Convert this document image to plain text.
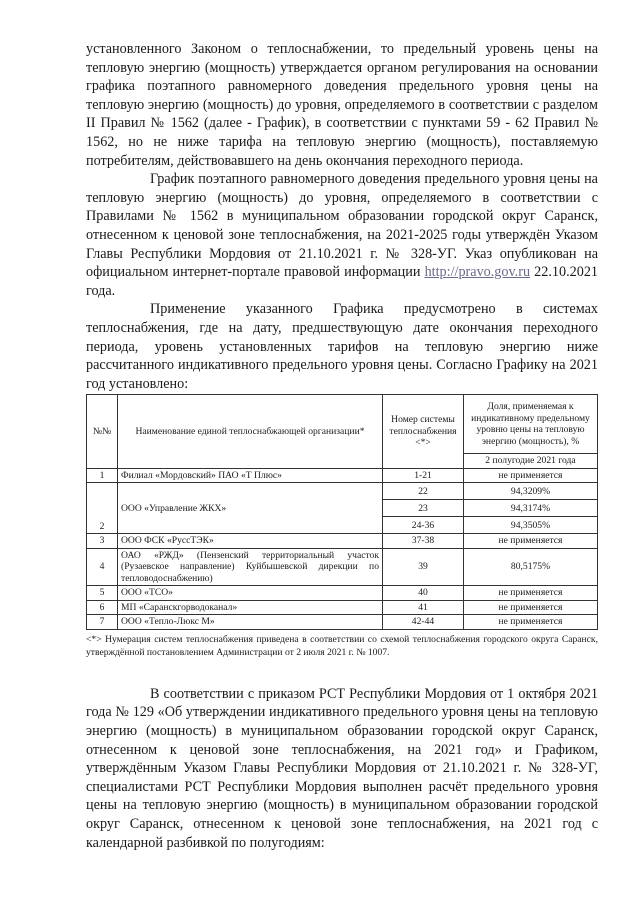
установленного Законом о теплоснабжении, то предельный уровень цены на тепловую энергию (мощность) утверждается органом регулирования на основании графика поэтапного равномерного доведения предельного уровня цены на тепловую энергию (мощность) до уровня, определяемого в соответствии с разделом II Правил № 1562 (далее - График), в соответствии с пунктами 59 - 62 Правил № 1562, но не ниже тарифа на тепловую энергию (мощность), поставляемую потребителям, действовавшего на день окончания переходного периода.

График поэтапного равномерного доведения предельного уровня цены на тепловую энергию (мощность) до уровня, определяемого в соответствии с Правилами № 1562 в муниципальном образовании городской округ Саранск, отнесенном к ценовой зоне теплоснабжения, на 2021-2025 годы утверждён Указом Главы Республики Мордовия от 21.10.2021 г. № 328-УГ. Указ опубликован на официальном интернет-портале правовой информации http://pravo.gov.ru 22.10.2021 года.

Применение указанного Графика предусмотрено в системах теплоснабжения, где на дату, предшествующую дате окончания переходного периода, уровень установленных тарифов на тепловую энергию ниже рассчитанного индикативного предельного уровня цены. Согласно Графику на 2021 год установлено:

№№	Наименование единой теплоснабжающей организации*	Номер системы теплоснабжения <*>	Доля, применяемая к индикативному предельному уровню цены на тепловую энергию (мощность), %
			2 полугодие 2021 года
1	Филиал «Мордовский» ПАО «Т Плюс»	1-21	не применяется
2	ООО «Управление ЖКХ»	22	94,3209%
		23	94,3174%
		24-36	94,3505%
3	ООО ФСК «РуссТЭК»	37-38	не применяется
4	ОАО «РЖД» (Пензенский территориальный участок (Рузаевское направление) Куйбышевской дирекции по тепловодоснабжению)	39	80,5175%
5	ООО «ТСО»	40	не применяется
6	МП «Саранскгорводоканал»	41	не применяется
7	ООО «Тепло-Люкс М»	42-44	не применяется
<*> Нумерация систем теплоснабжения приведена в соответствии со схемой теплоснабжения городского округа Саранск, утверждённой постановлением Администрации от 2 июля 2021 г. № 1007.

В соответствии с приказом РСТ Республики Мордовия от 1 октября 2021 года № 129 «Об утверждении индикативного предельного уровня цены на тепловую энергию (мощность) в муниципальном образовании городской округ Саранск, отнесенном к ценовой зоне теплоснабжения, на 2021 год» и Графиком, утверждённым Указом Главы Республики Мордовия от 21.10.2021 г. № 328-УГ, специалистами РСТ Республики Мордовия выполнен расчёт предельного уровня цены на тепловую энергию (мощность) в муниципальном образовании городской округ Саранск, отнесенном к ценовой зоне теплоснабжения, на 2021 год с календарной разбивкой по полугодиям:
